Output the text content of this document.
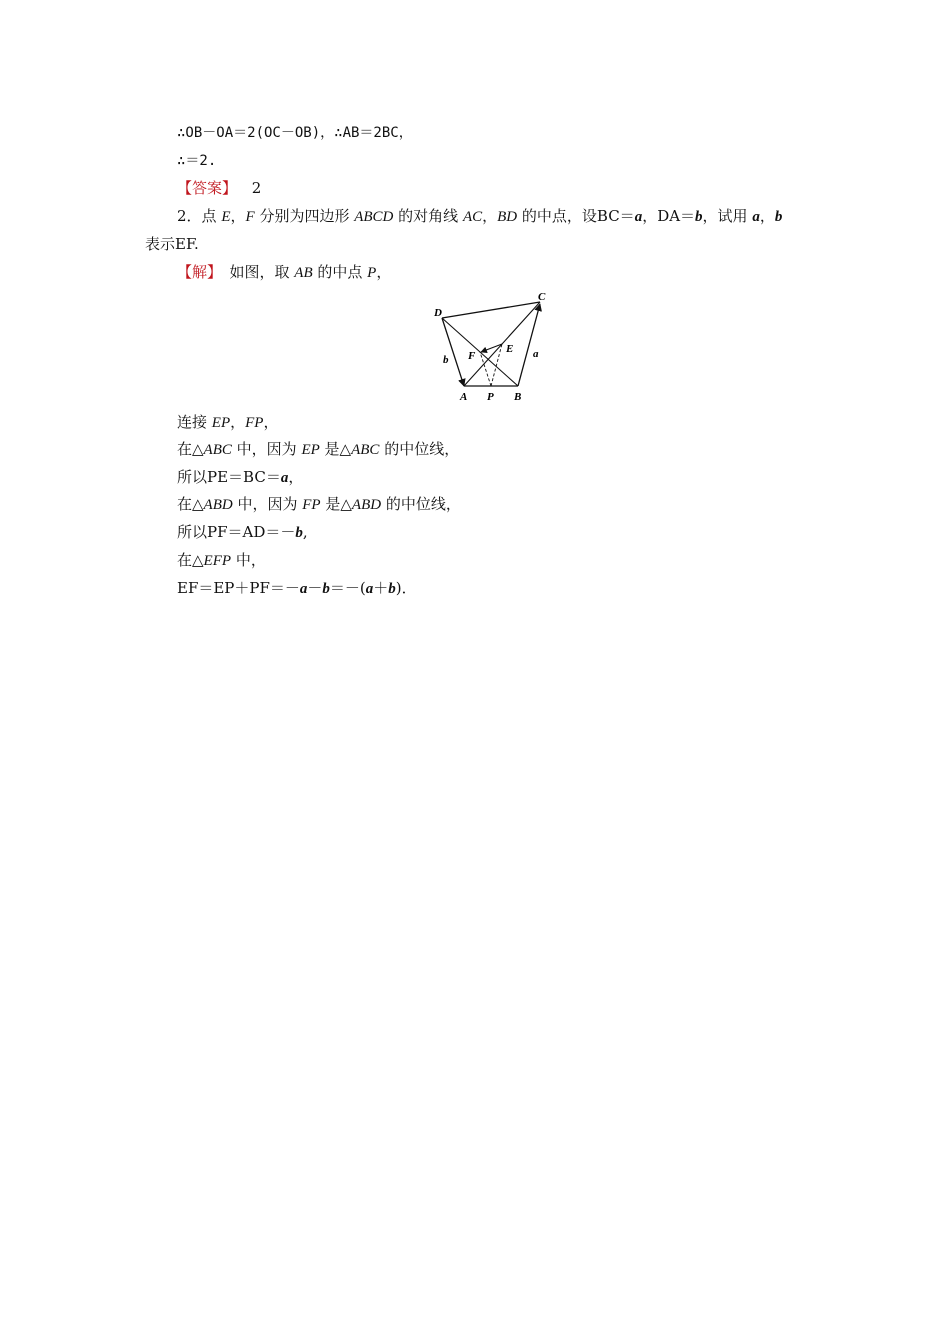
∴OB－OA＝2(OC－OB)，∴AB＝2BC，
∴＝2.
【答案】 2
2．点 E，F 分别为四边形 ABCD 的对角线 AC，BD 的中点，设BC＝a，DA＝b，试用 a，b
表示EF.
【解】　如图，取 AB 的中点 P，
D
C
A P B
E
F	a
b
连接 EP，FP，
在△ABC 中，因为 EP 是△ABC 的中位线，
所以PE＝BC＝a，
在△ABD 中，因为 FP 是△ABD 的中位线，
所以PF＝AD＝－b,
在△EFP 中，
EF＝EP＋PF＝－a－b＝－(a＋b)．
